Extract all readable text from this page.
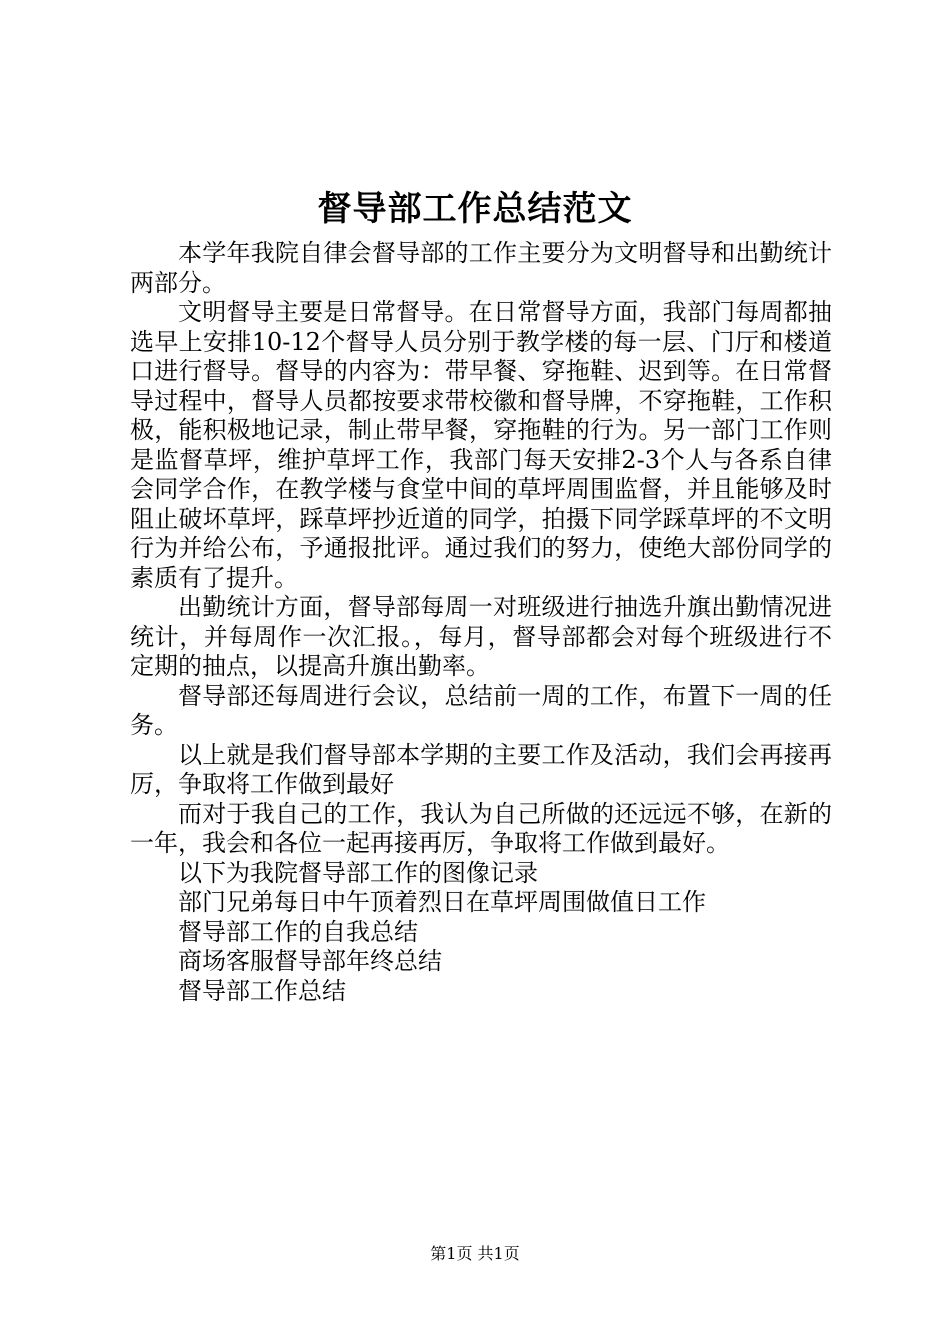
督导部工作总结范文

本学年我院自律会督导部的工作主要分为文明督导和出勤统计两部分。

文明督导主要是日常督导。在日常督导方面，我部门每周都抽选早上安排10-12个督导人员分别于教学楼的每一层、门厅和楼道口进行督导。督导的内容为：带早餐、穿拖鞋、迟到等。在日常督导过程中，督导人员都按要求带校徽和督导牌，不穿拖鞋，工作积极，能积极地记录，制止带早餐，穿拖鞋的行为。另一部门工作则是监督草坪，维护草坪工作，我部门每天安排2-3个人与各系自律会同学合作，在教学楼与食堂中间的草坪周围监督，并且能够及时阻止破坏草坪，踩草坪抄近道的同学，拍摄下同学踩草坪的不文明行为并给公布，予通报批评。通过我们的努力，使绝大部份同学的素质有了提升。

出勤统计方面，督导部每周一对班级进行抽选升旗出勤情况进统计，并每周作一次汇报。，每月，督导部都会对每个班级进行不定期的抽点，以提高升旗出勤率。

督导部还每周进行会议，总结前一周的工作，布置下一周的任务。

以上就是我们督导部本学期的主要工作及活动，我们会再接再厉，争取将工作做到最好

而对于我自己的工作，我认为自己所做的还远远不够，在新的一年，我会和各位一起再接再厉，争取将工作做到最好。

以下为我院督导部工作的图像记录

部门兄弟每日中午顶着烈日在草坪周围做值日工作

督导部工作的自我总结

商场客服督导部年终总结

督导部工作总结

第1页 共1页
